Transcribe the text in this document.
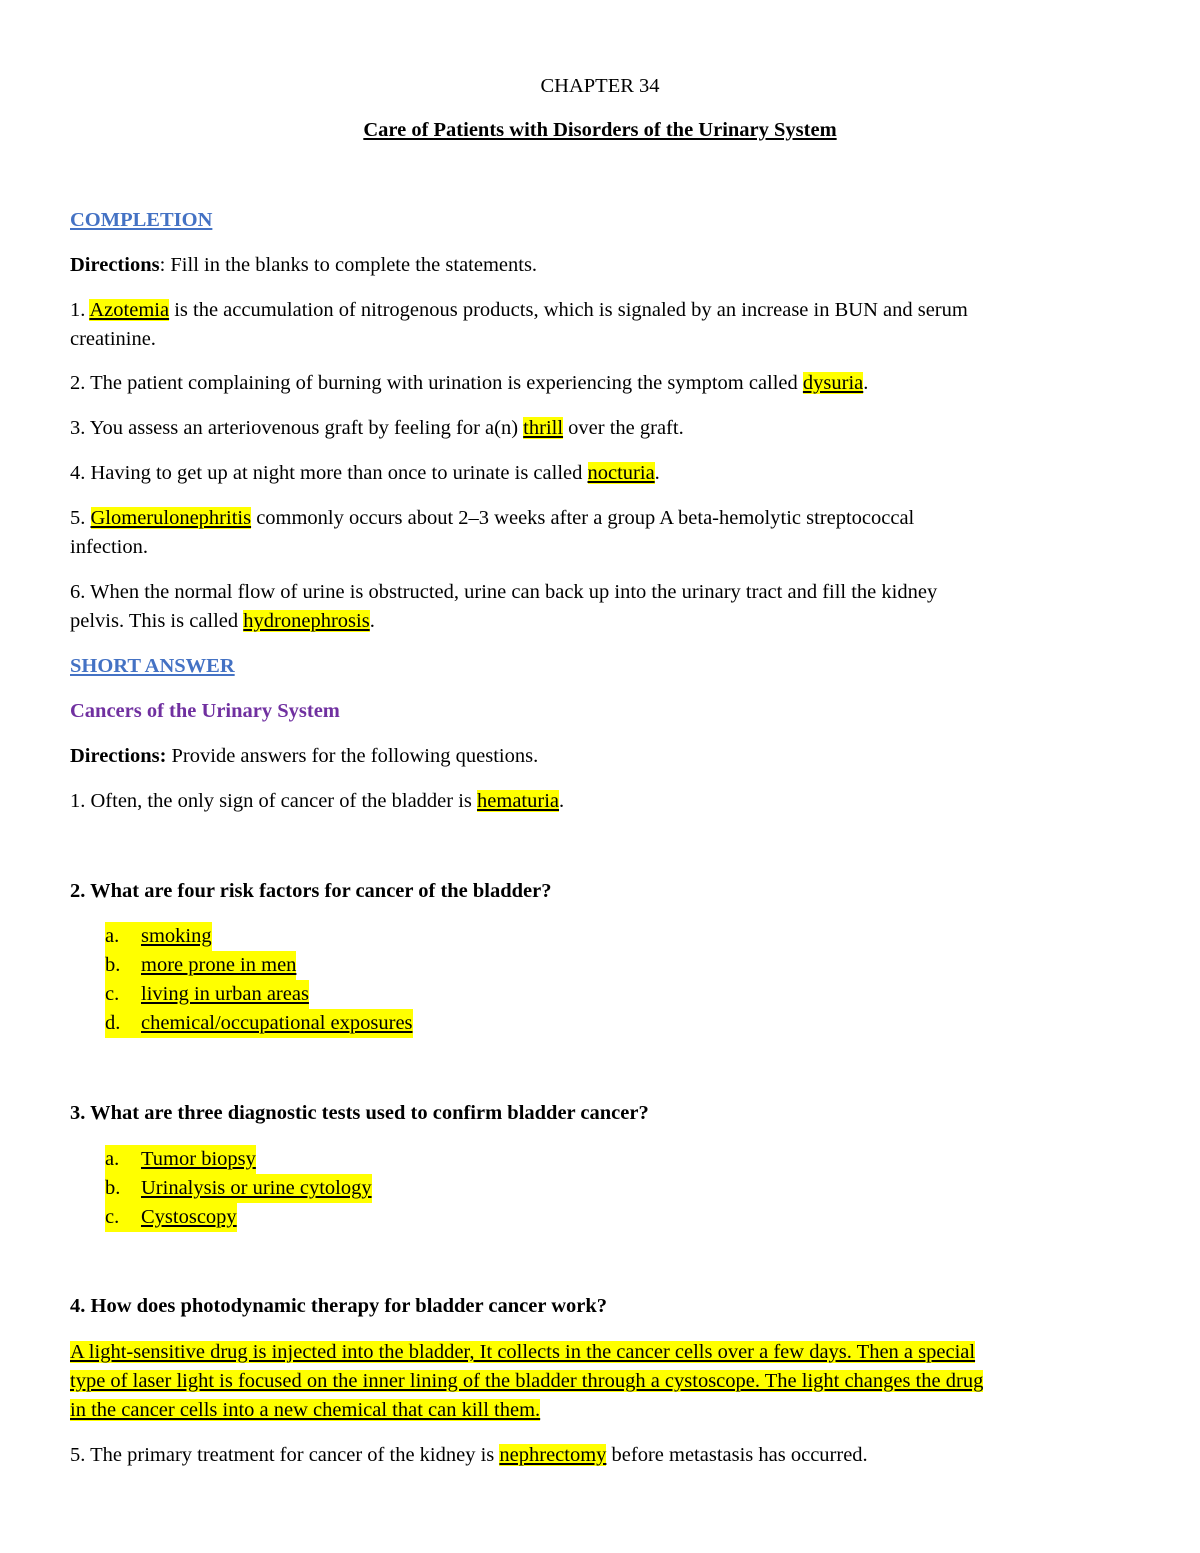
CHAPTER 34
Care of Patients with Disorders of the Urinary System
COMPLETION
Directions: Fill in the blanks to complete the statements.
1. Azotemia is the accumulation of nitrogenous products, which is signaled by an increase in BUN and serum
creatinine.
2. The patient complaining of burning with urination is experiencing the symptom called dysuria.
3. You assess an arteriovenous graft by feeling for a(n) thrill over the graft.
4. Having to get up at night more than once to urinate is called nocturia.
5. Glomerulonephritis commonly occurs about 2–3 weeks after a group A beta-hemolytic streptococcal
infection.
6. When the normal flow of urine is obstructed, urine can back up into the urinary tract and fill the kidney
pelvis. This is called hydronephrosis.
SHORT ANSWER
Cancers of the Urinary System
Directions: Provide answers for the following questions.
1. Often, the only sign of cancer of the bladder is hematuria.
2. What are four risk factors for cancer of the bladder?
a. smoking
b. more prone in men
c. living in urban areas
d. chemical/occupational exposures
3. What are three diagnostic tests used to confirm bladder cancer?
a. Tumor biopsy
b. Urinalysis or urine cytology
c. Cystoscopy
4. How does photodynamic therapy for bladder cancer work?
A light-sensitive drug is injected into the bladder, It collects in the cancer cells over a few days. Then a special
type of laser light is focused on the inner lining of the bladder through a cystoscope. The light changes the drug
in the cancer cells into a new chemical that can kill them.
5. The primary treatment for cancer of the kidney is nephrectomy before metastasis has occurred.
